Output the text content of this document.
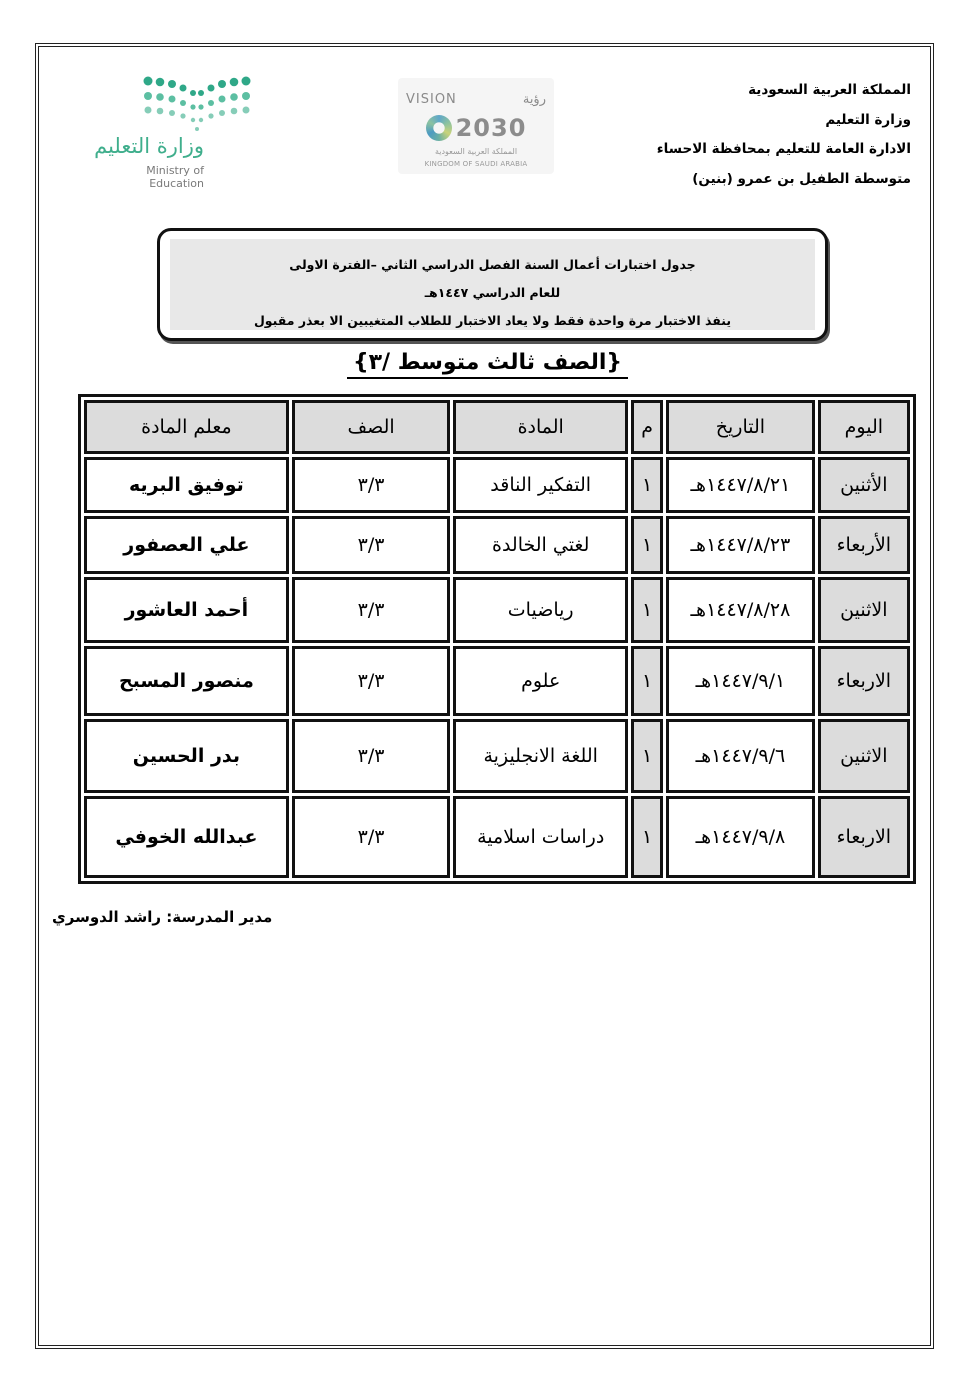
المملكة العربية السعودية
وزارة التعليم
الادارة العامة للتعليم بمحافظة الاحساء
متوسطة الطفيل بن عمرو (بنين)
VISION	رؤية
2030
المملكة العربية السعودية
KINGDOM OF SAUDI ARABIA
وزارة التعليم
Ministry of Education
جدول اختبارات أعمال السنة الفصل الدراسي الثاني –الفترة الاولى
للعام الدراسي ١٤٤٧هـ
ينفذ الاختبار مرة واحدة فقط ولا يعاد الاختبار للطلاب المتغيبين الا بعذر مقبول
{الصف ثالث متوسط /٣}
اليوم	التاريخ	م	المادة	الصف	معلم المادة
الأثنين	١٤٤٧/٨/٢١هـ	١	التفكير الناقد	٣/٣	توفيق البريه
الأربعاء	١٤٤٧/٨/٢٣هـ	١	لغتي الخالدة	٣/٣	علي العصفور
الاثنين	١٤٤٧/٨/٢٨هـ	١	رياضيات	٣/٣	أحمد العاشور
الاربعاء	١٤٤٧/٩/١هـ	١	علوم	٣/٣	منصور المسبح
الاثنين	١٤٤٧/٩/٦هـ	١	اللغة الانجليزية	٣/٣	بدر الحسين
الاربعاء	١٤٤٧/٩/٨هـ	١	دراسات اسلامية	٣/٣	عبدالله الخوفي
مدير المدرسة: راشد الدوسري
